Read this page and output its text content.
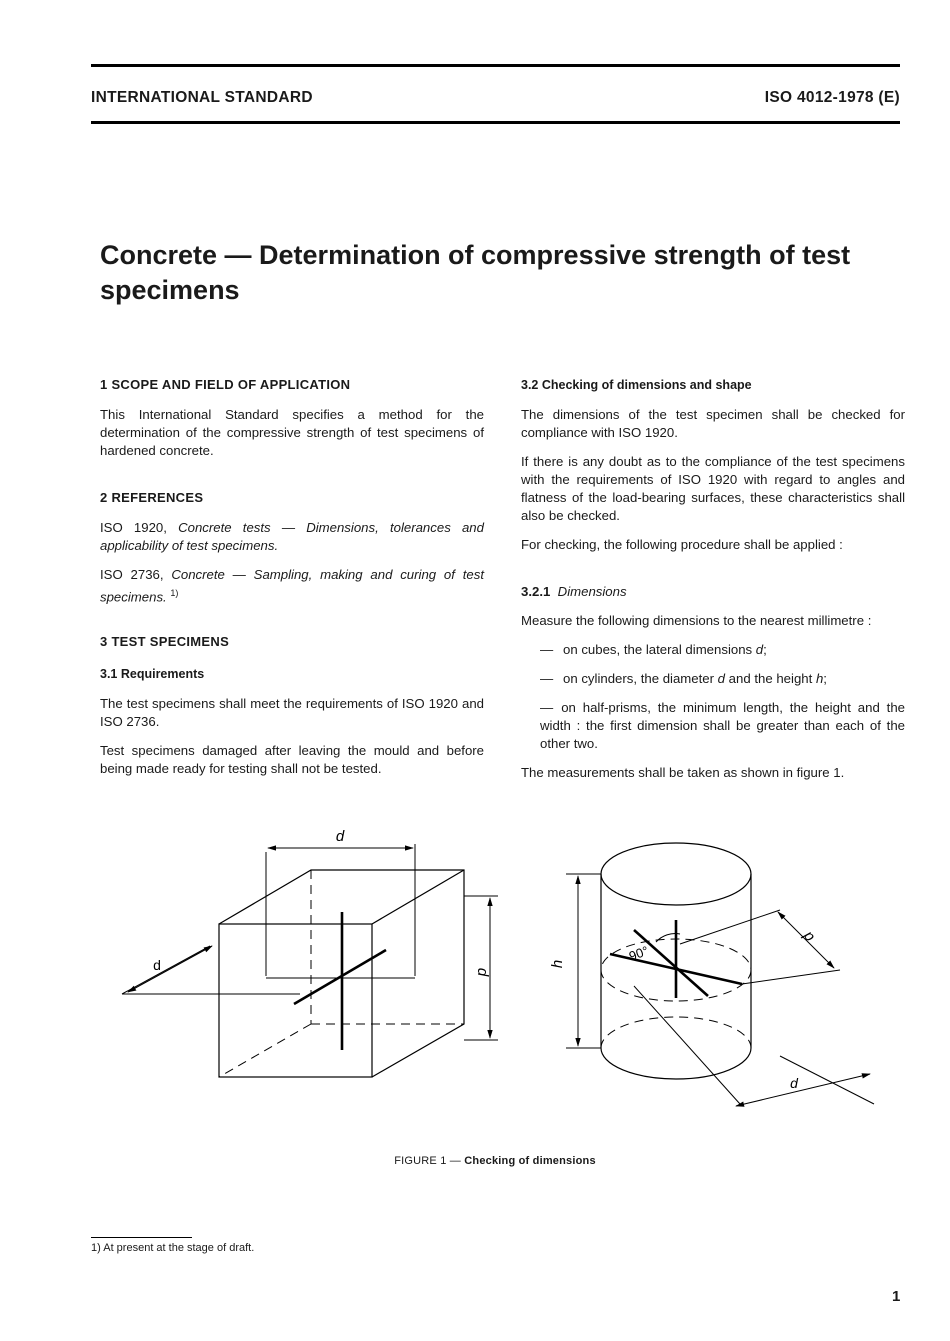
INTERNATIONAL STANDARD	ISO 4012-1978 (E)
Concrete — Determination of compressive strength of test specimens

1 SCOPE AND FIELD OF APPLICATION

This International Standard specifies a method for the determination of the compressive strength of test specimens of hardened concrete.

2 REFERENCES

ISO 1920, Concrete tests — Dimensions, tolerances and applicability of test specimens.

ISO 2736, Concrete — Sampling, making and curing of test specimens. $^{1)}$

3 TEST SPECIMENS

3.1 Requirements

The test specimens shall meet the requirements of ISO 1920 and ISO 2736.

Test specimens damaged after leaving the mould and before being made ready for testing shall not be tested.

3.2 Checking of dimensions and shape

The dimensions of the test specimen shall be checked for compliance with ISO 1920.

If there is any doubt as to the compliance of the test specimens with the requirements of ISO 1920 with regard to angles and flatness of the load-bearing surfaces, these characteristics shall also be checked.

For checking, the following procedure shall be applied :

3.2.1 Dimensions

Measure the following dimensions to the nearest millimetre :

— on cubes, the lateral dimensions d;

— on cylinders, the diameter d and the height h;

— on half-prisms, the minimum length, the height and the width : the first dimension shall be greater than each of the other two.

The measurements shall be taken as shown in figure 1.

d
d
d
90°
h
d
d
FIGURE 1 — Checking of dimensions
1) At present at the stage of draft.
1
